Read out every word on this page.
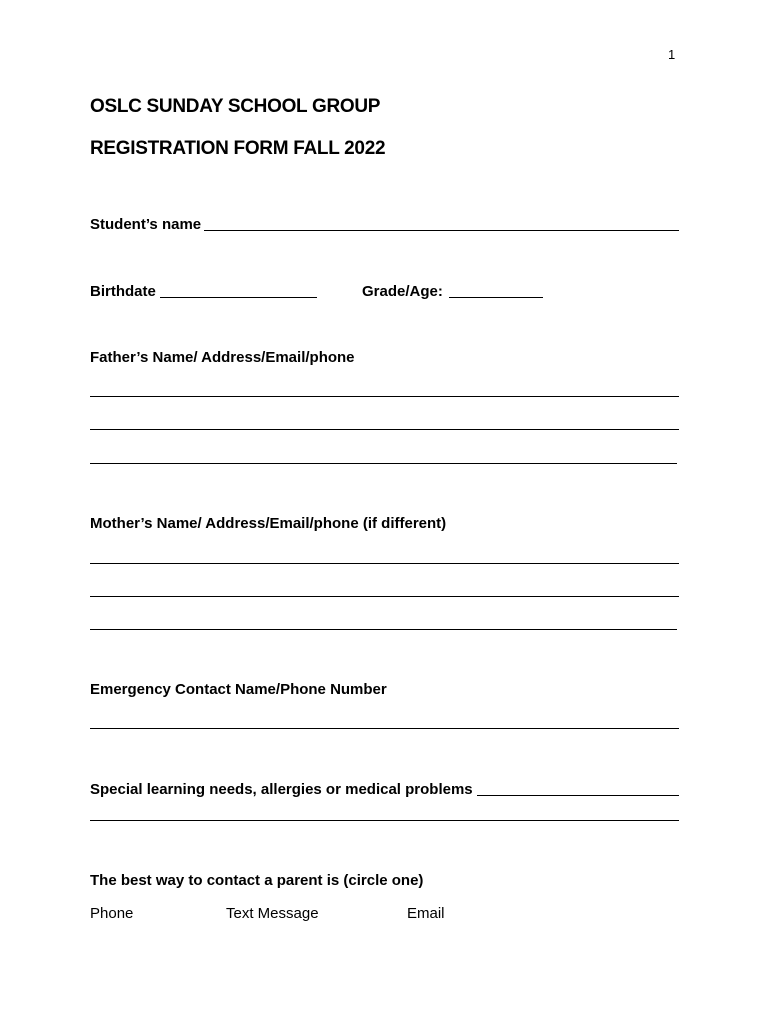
1
OSLC SUNDAY SCHOOL GROUP
REGISTRATION FORM FALL 2022
Student’s name
Birthdate	Grade/Age:
Father’s Name/ Address/Email/phone
Mother’s Name/ Address/Email/phone (if different)
Emergency Contact Name/Phone Number
Special learning needs, allergies or medical problems
The best way to contact a parent is (circle one)
Phone	Text Message	Email
